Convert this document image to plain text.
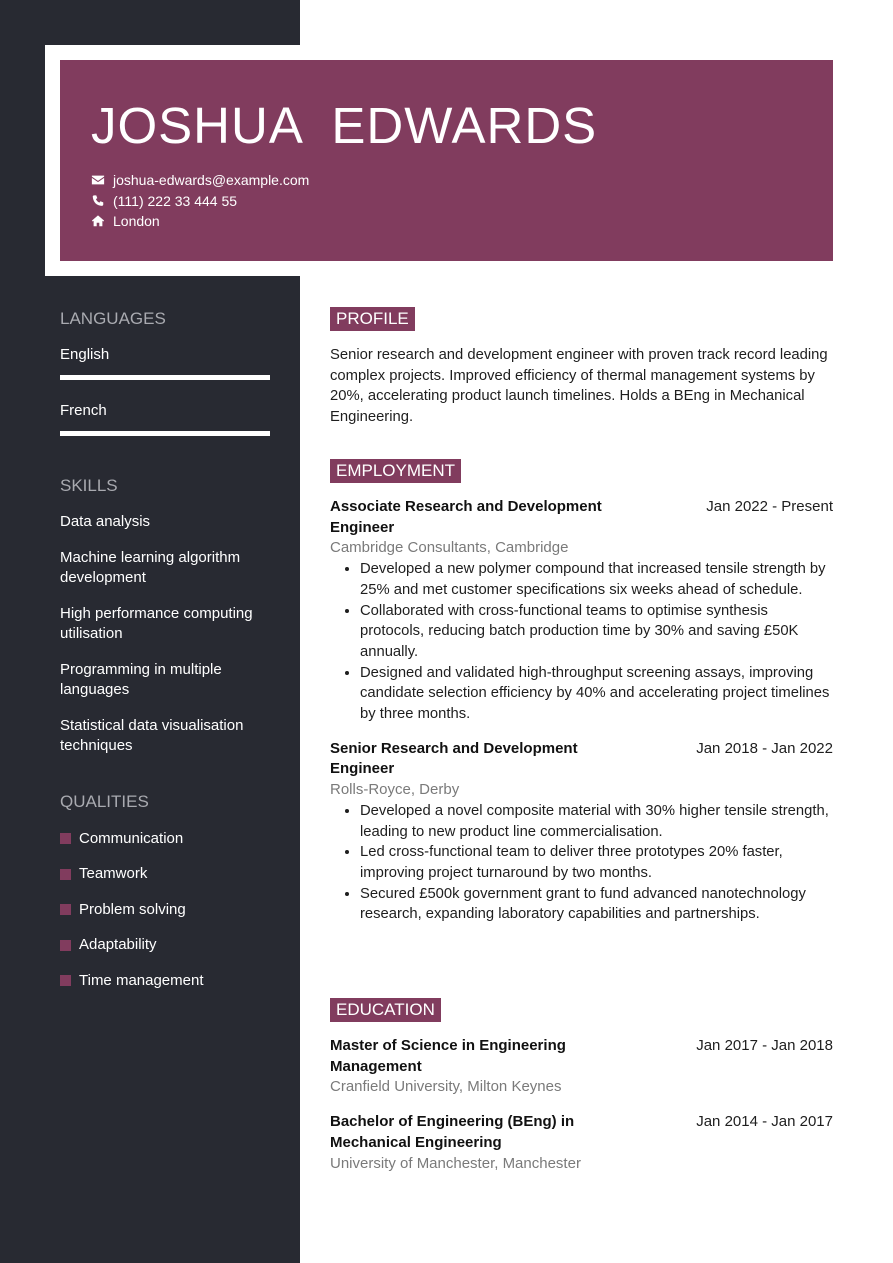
JOSHUA  EDWARDS
joshua-edwards@example.com
(111) 222 33 444 55
London
LANGUAGES
English
French
SKILLS
Data analysis
Machine learning algorithm development
High performance computing utilisation
Programming in multiple languages
Statistical data visualisation techniques
QUALITIES
Communication
Teamwork
Problem solving
Adaptability
Time management
PROFILE

Senior research and development engineer with proven track record leading complex projects. Improved efficiency of thermal management systems by 20%, accelerating product launch timelines. Holds a BEng in Mechanical Engineering.

EMPLOYMENT
Associate Research and Development Engineer
Jan 2022 - Present
Cambridge Consultants, Cambridge
• Developed a new polymer compound that increased tensile strength by 25% and met customer specifications six weeks ahead of schedule.
• Collaborated with cross-functional teams to optimise synthesis protocols, reducing batch production time by 30% and saving £50K annually.
• Designed and validated high-throughput screening assays, improving candidate selection efficiency by 40% and accelerating project timelines by three months.
Senior Research and Development Engineer
Jan 2018 - Jan 2022
Rolls-Royce, Derby
• Developed a novel composite material with 30% higher tensile strength, leading to new product line commercialisation.
• Led cross-functional team to deliver three prototypes 20% faster, improving project turnaround by two months.
• Secured £500k government grant to fund advanced nanotechnology research, expanding laboratory capabilities and partnerships.
EDUCATION
Master of Science in Engineering Management
Jan 2017 - Jan 2018
Cranfield University, Milton Keynes
Bachelor of Engineering (BEng) in Mechanical Engineering
Jan 2014 - Jan 2017
University of Manchester, Manchester
